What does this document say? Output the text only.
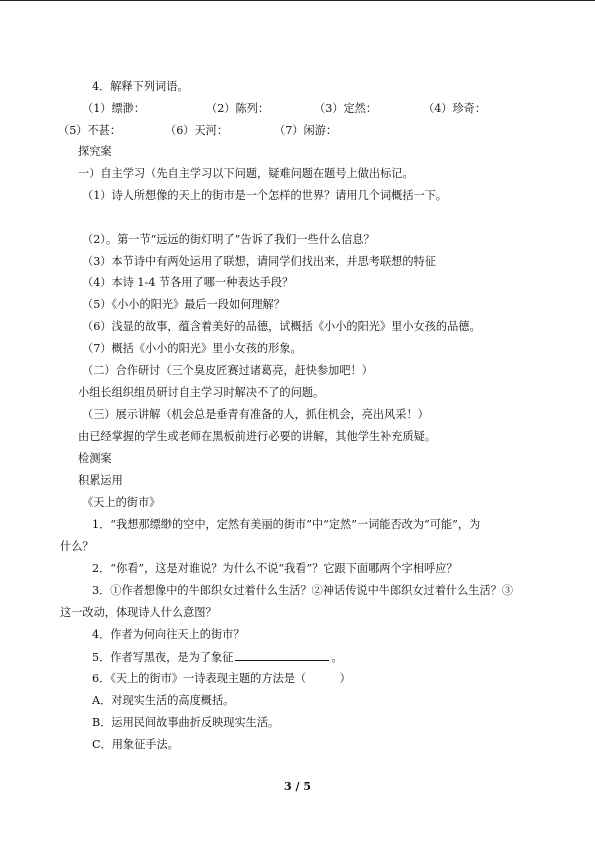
4．解释下列词语。
（1）缥渺：	（2）陈列：	（3）定然：	（4）珍奇：
（5）不甚：	（6）天河：	（7）闲游：
探究案
一）自主学习（先自主学习以下问题，疑难问题在题号上做出标记。
（1）诗人所想像的天上的街市是一个怎样的世界？请用几个词概括一下。
（2）。第一节“远远的街灯明了”告诉了我们一些什么信息？
（3）本节诗中有两处运用了联想，请同学们找出来，并思考联想的特征
（4）本诗 1-4 节各用了哪一种表达手段？
（5）《小小的阳光》最后一段如何理解？
（6）浅显的故事，蕴含着美好的品德，试概括《小小的阳光》里小女孩的品德。
（7）概括《小小的阳光》里小女孩的形象。
（二）合作研讨（三个臭皮匠赛过诸葛亮，赶快参加吧！）
小组长组织组员研讨自主学习时解决不了的问题。
（三）展示讲解（机会总是垂青有准备的人，抓住机会，亮出风采！）
由已经掌握的学生或老师在黑板前进行必要的讲解，其他学生补充质疑。
检测案
积累运用
《天上的街市》
1．“我想那缥缈的空中，定然有美丽的街市”中“定然”一词能否改为“可能”，为
什么？
2．“你看”，这是对谁说？为什么不说“我看”？它跟下面哪两个字相呼应？
3．①作者想像中的牛郎织女过着什么生活？②神话传说中牛郎织女过着什么生活？③
这一改动，体现诗人什么意图？
4．作者为何向往天上的街市？
5．作者写黑夜，是为了象征	。
6．《天上的街市》一诗表现主题的方法是（　　　）
A．对现实生活的高度概括。
B．运用民间故事曲折反映现实生活。
C．用象征手法。
3 / 5
